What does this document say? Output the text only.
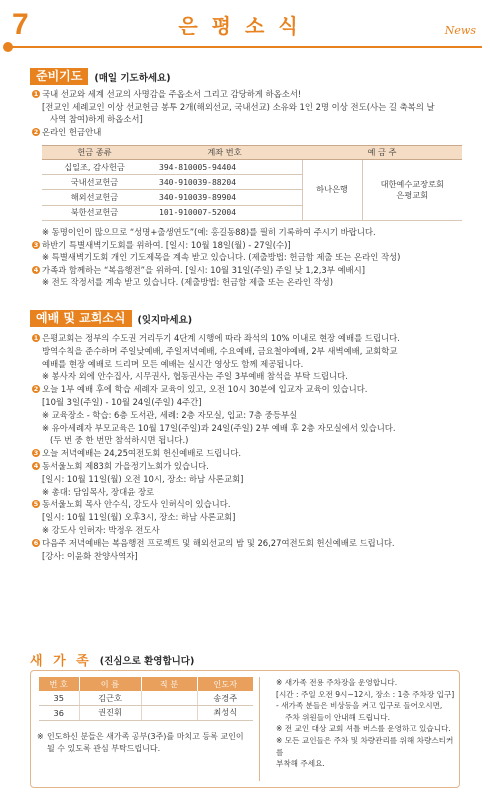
7	은평소식	News
준비기도	(매일 기도하세요)
1 국내 선교와 세계 선교의 사명감을 주옵소서 그리고 감당하게 하옵소서!
[전교인 세례교인 이상 선교헌금 봉투 2개(해외선교, 국내선교) 소유와 1인 2명 이상 전도(사는 길 축복의 날
사역 참여)하게 하옵소서]
2 온라인 헌금안내
헌금 종류	계좌 번호	예 금 주	
십일조, 감사헌금	394-810005-94404	하나은행	대한예수교장로회
은평교회

국내선교헌금	340-910039-88204		
해외선교헌금	340-910039-89904		
북한선교헌금	101-910007-52004		
※ 동명이인이 많으므로 “성명+출생연도”(예: 홍길동88)를 필히 기록하여 주시기 바랍니다.
3 하반기 특별새벽기도회를 위하여. [일시: 10월 18일(월) - 27일(수)]
※ 특별새벽기도회 개인 기도제목을 계속 받고 있습니다. (제출방법: 헌금함 제출 또는 온라인 작성)
4 가족과 함께하는 “복음행전”을 위하여. [일시: 10월 31일(주일) 주일 낮 1,2,3부 예배시]
※ 전도 작정서를 계속 받고 있습니다. (제출방법: 헌금함 제출 또는 온라인 작성)
예배 및 교회소식	(잊지마세요)
1 은평교회는 정부의 수도권 거리두기 4단계 시행에 따라 좌석의 10% 이내로 현장 예배를 드립니다.
방역수칙을 준수하며 주일낮예배, 주일저녁예배, 수요예배, 금요철야예배, 2부 새벽예배, 교회학교
예배를 현장 예배로 드리며 모든 예배는 실시간 영상도 함께 제공됩니다.
※ 봉사자 외에 안수집사, 시무권사, 협동권사는 주일 3부예배 참석을 부탁 드립니다.
2 오늘 1부 예배 후에 학습 세례자 교육이 있고, 오전 10시 30분에 입교자 교육이 있습니다.
[10월 3일(주일) - 10월 24일(주일) 4주간]
※ 교육장소 - 학습: 6층 도서관, 세례: 2층 자모실, 입교: 7층 중등부실
※ 유아세례자 부모교육은 10월 17일(주일)과 24일(주일) 2부 예배 후 2층 자모실에서 있습니다.
(두 번 중 한 번만 참석하시면 됩니다.)
3 오늘 저녁예배는 24,25여전도회 헌신예배로 드립니다.
4 동서울노회 제83회 가을정기노회가 있습니다.
[일시: 10월 11일(월) 오전 10시, 장소: 하남 사론교회]
※ 총대: 담임목사, 장대윤 장로
5 동서울노회 목사 안수식, 강도사 인허식이 있습니다.
[일시: 10월 11일(월) 오후3시, 장소: 하남 사론교회]
※ 강도사 인허자: 박정우 전도사
6 다음주 저녁예배는 복음행전 프로젝트 및 해외선교의 밤 및 26,27여전도회 헌신예배로 드립니다.
[강사: 이윤화 찬양사역자]
새 가 족 (진심으로 환영합니다)
번 호	이 름	직 분	인도자
35	김근호		송경주
36	권진휘		최성식
※ 인도하신 분들은 새가족 공부(3주)를 마치고 등록 교인이 될 수 있도록 관심 부탁드립니다.
※ 새가족 전용 주차장을 운영합니다.
[시간 : 주일 오전 9시~12시, 장소 : 1층 주차장 입구]
- 새가족 분들은 비상등을 켜고 입구로 들어오시면,
주차 위원들이 안내해 드립니다.
※ 전 교인 대상 교회 셔틀 버스를 운영하고 있습니다.
※ 모든 교인들은 주차 및 차량관리를 위해 차량스티커를
부착해 주세요.
